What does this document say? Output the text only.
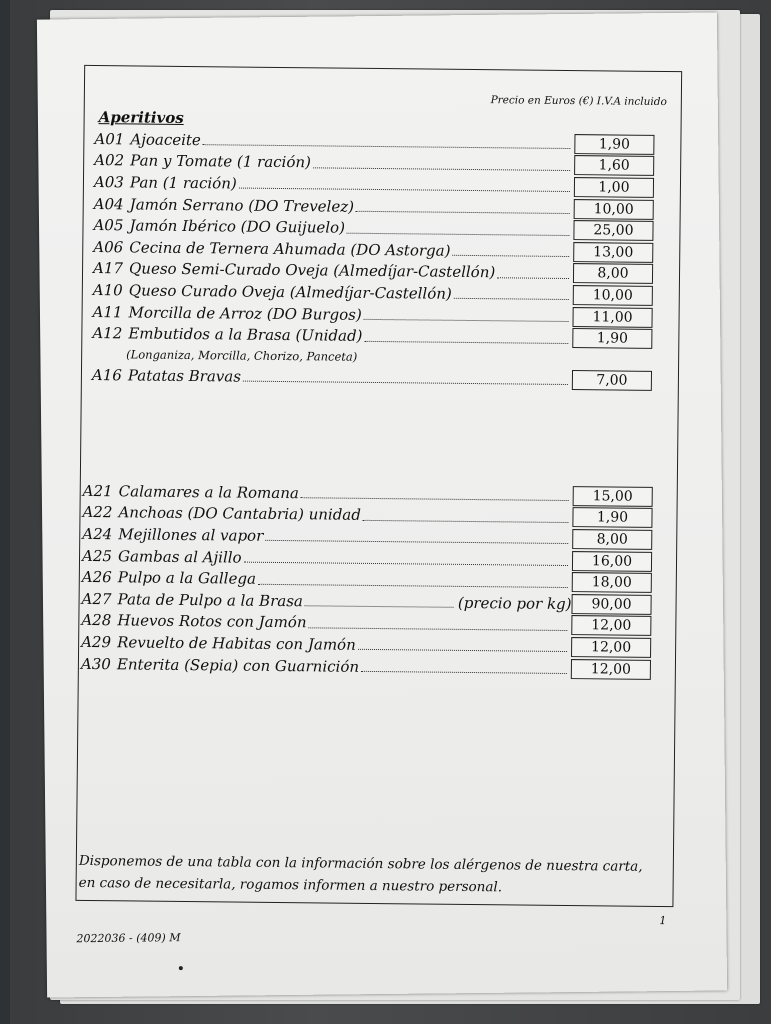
Precio en Euros (€) I.V.A incluido
Aperitivos
A01 Ajoaceite	1,90
A02 Pan y Tomate (1 ración)	1,60
A03 Pan (1 ración)	1,00
A04 Jamón Serrano (DO Trevelez)	10,00
A05 Jamón Ibérico (DO Guijuelo)	25,00
A06 Cecina de Ternera Ahumada (DO Astorga)	13,00
A17 Queso Semi-Curado Oveja (Almedíjar-Castellón)	8,00
A10 Queso Curado Oveja (Almedíjar-Castellón)	10,00
A11 Morcilla de Arroz (DO Burgos)	11,00
A12 Embutidos a la Brasa (Unidad)	1,90
(Longaniza, Morcilla, Chorizo, Panceta)
A16 Patatas Bravas	7,00
A21 Calamares a la Romana	15,00
A22 Anchoas (DO Cantabria) unidad	1,90
A24 Mejillones al vapor	8,00
A25 Gambas al Ajillo	16,00
A26 Pulpo a la Gallega	18,00
A27 Pata de Pulpo a la Brasa	(precio por kg)	90,00
A28 Huevos Rotos con Jamón	12,00
A29 Revuelto de Habitas con Jamón	12,00
A30 Enterita (Sepia) con Guarnición	12,00
Disponemos de una tabla con la información sobre los alérgenos de nuestra carta, en caso de necesitarla, rogamos informen a nuestro personal.
2022036 - (409) M
1
